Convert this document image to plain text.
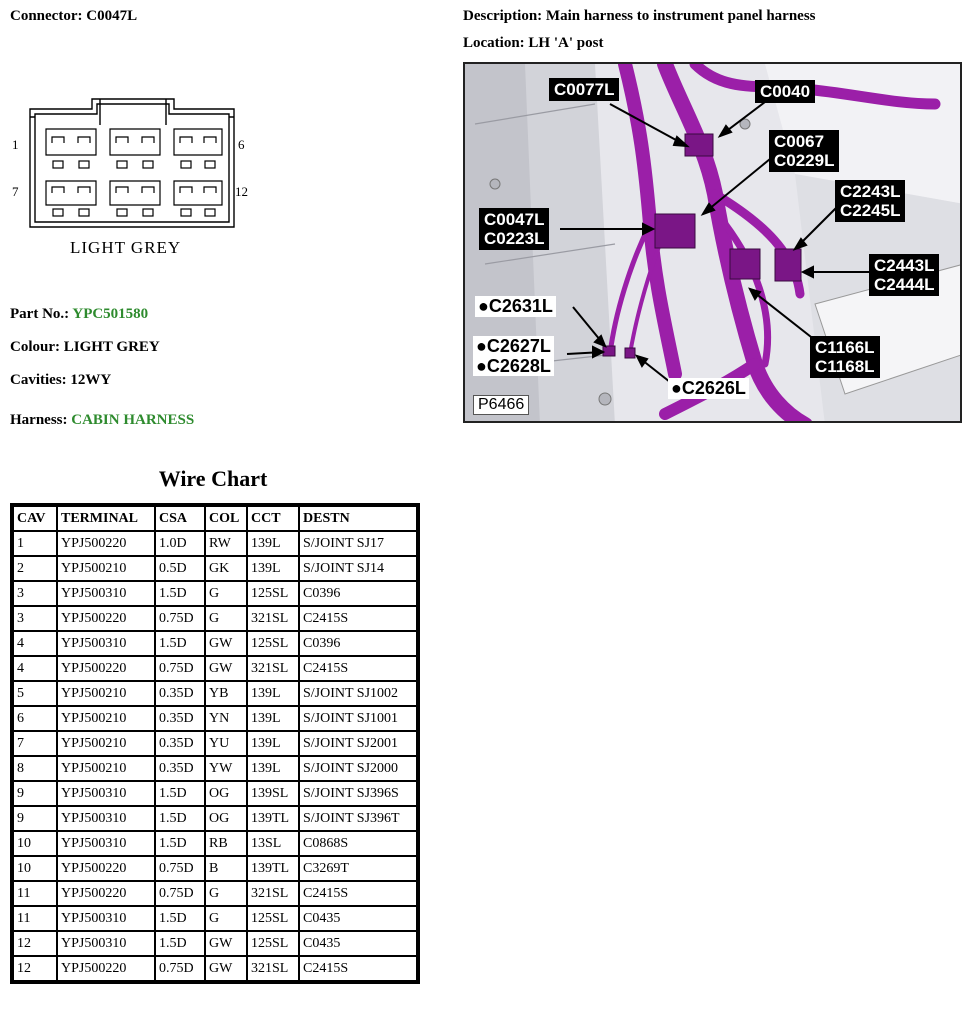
Connector: C0047L	Description: Main harness to instrument panel harness
Location: LH 'A' post
1	6
7	12
LIGHT GREY
Part No.: YPC501580
Colour: LIGHT GREY
Cavities: 12WY
Harness: CABIN HARNESS
C0077L	C0040
C0067
C0229L
C2243L
C2245L
C0047L
C0223L
C2443L
C2444L
●C2631L
●C2627L
●C2628L
C1166L
C1168L
●C2626L
P6466
Wire Chart
CAV	TERMINAL	CSA	COL	CCT	DESTN
1	YPJ500220	1.0D	RW	139L	S/JOINT SJ17
2	YPJ500210	0.5D	GK	139L	S/JOINT SJ14
3	YPJ500310	1.5D	G	125SL	C0396
3	YPJ500220	0.75D	G	321SL	C2415S
4	YPJ500310	1.5D	GW	125SL	C0396
4	YPJ500220	0.75D	GW	321SL	C2415S
5	YPJ500210	0.35D	YB	139L	S/JOINT SJ1002
6	YPJ500210	0.35D	YN	139L	S/JOINT SJ1001
7	YPJ500210	0.35D	YU	139L	S/JOINT SJ2001
8	YPJ500210	0.35D	YW	139L	S/JOINT SJ2000
9	YPJ500310	1.5D	OG	139SL	S/JOINT SJ396S
9	YPJ500310	1.5D	OG	139TL	S/JOINT SJ396T
10	YPJ500310	1.5D	RB	13SL	C0868S
10	YPJ500220	0.75D	B	139TL	C3269T
11	YPJ500220	0.75D	G	321SL	C2415S
11	YPJ500310	1.5D	G	125SL	C0435
12	YPJ500310	1.5D	GW	125SL	C0435
12	YPJ500220	0.75D	GW	321SL	C2415S
